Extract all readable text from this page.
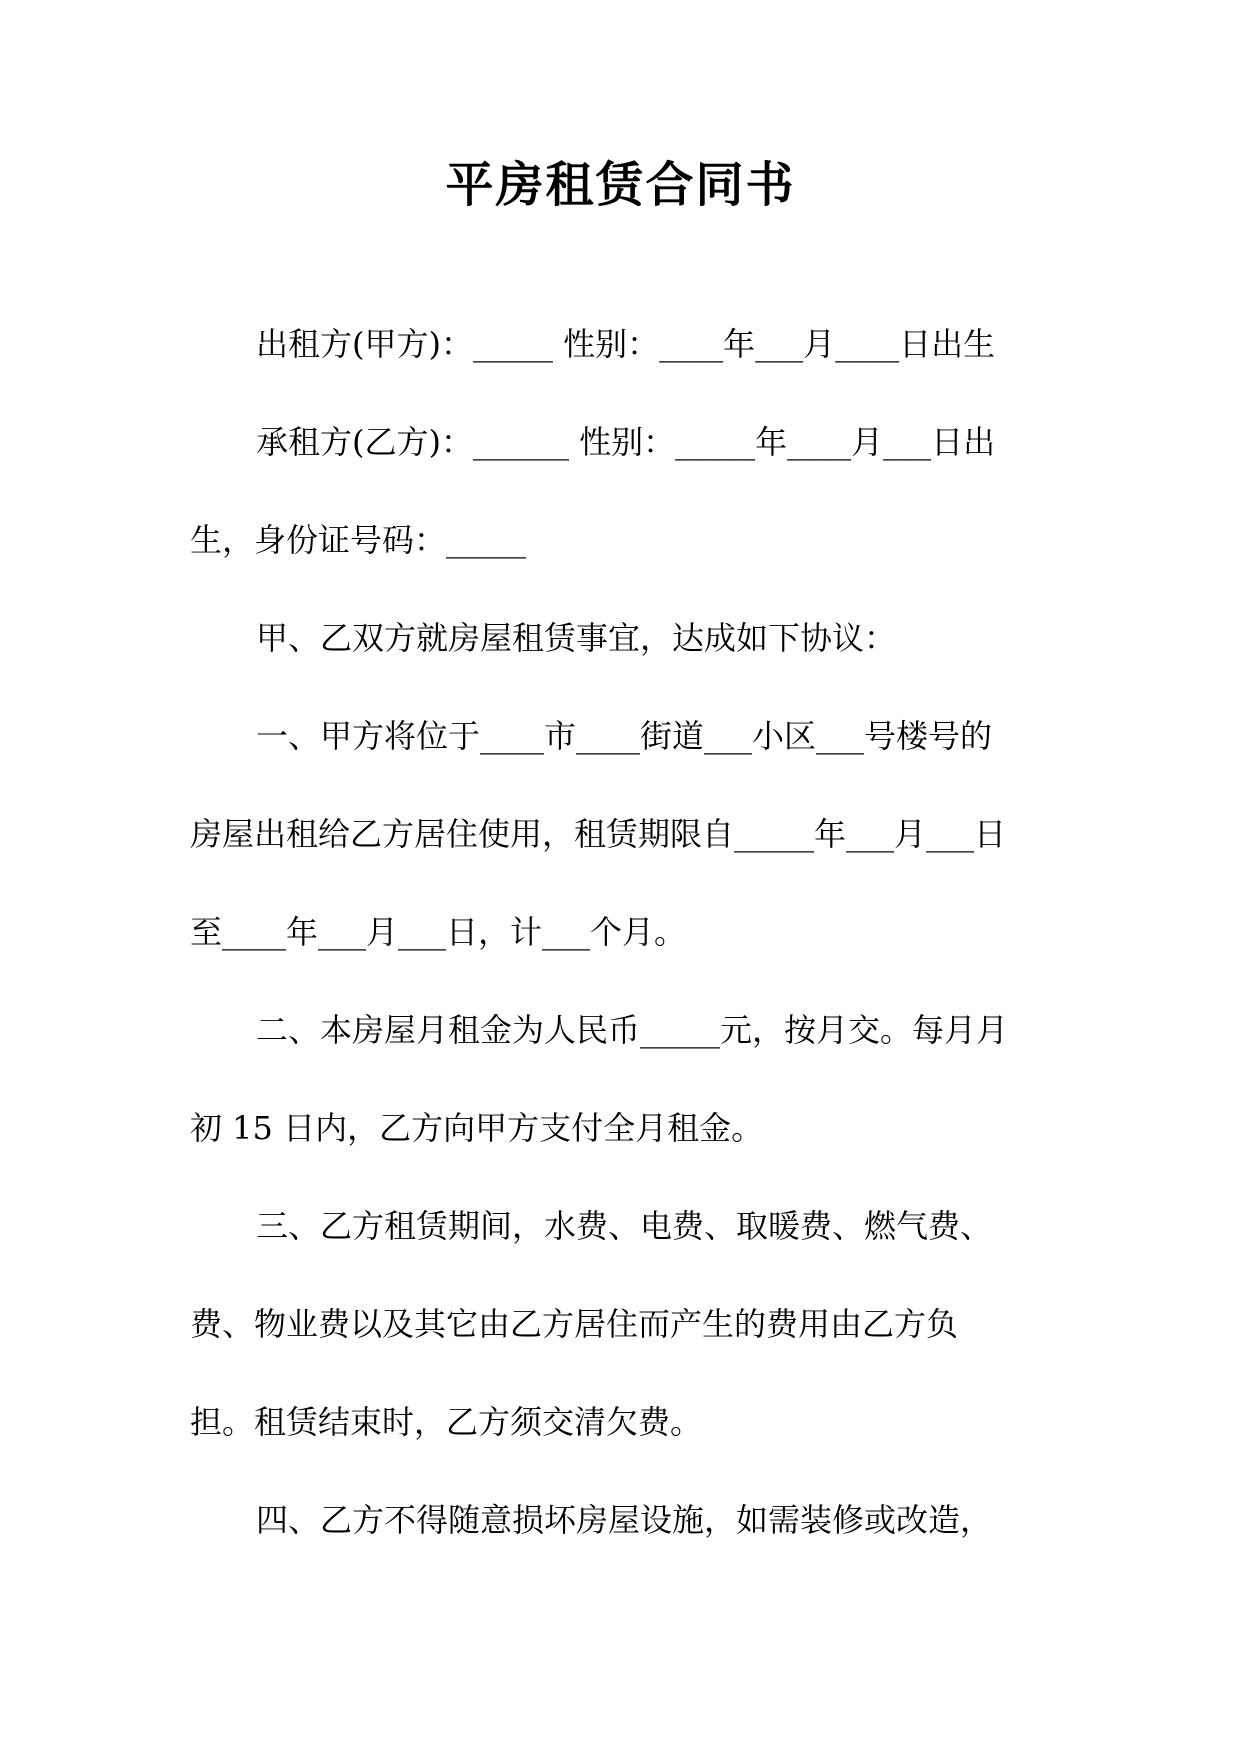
平房租赁合同书

出租方(甲方)：_____ 性别：____年___月____日出生

承租方(乙方)：______ 性别：_____年____月___日出

生，身份证号码：_____

甲、乙双方就房屋租赁事宜，达成如下协议：

一、甲方将位于____市____街道___小区___号楼号的

房屋出租给乙方居住使用，租赁期限自_____年___月___日

至____年___月___日，计___个月。

二、本房屋月租金为人民币_____元，按月交。每月月

初 15 日内，乙方向甲方支付全月租金。

三、乙方租赁期间，水费、电费、取暖费、燃气费、

费、物业费以及其它由乙方居住而产生的费用由乙方负

担。租赁结束时，乙方须交清欠费。

四、乙方不得随意损坏房屋设施，如需装修或改造，
